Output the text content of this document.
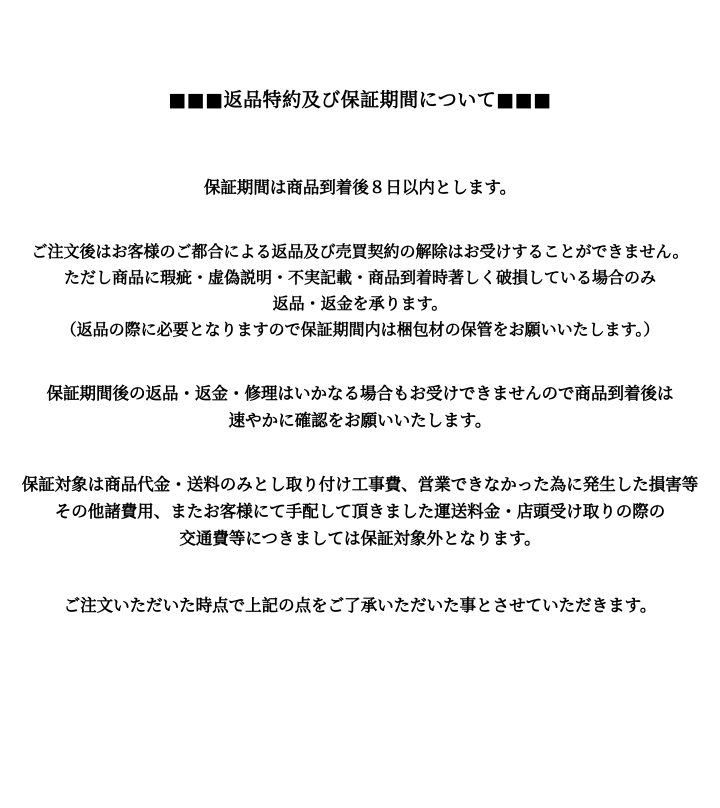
■■■返品特約及び保証期間について■■■
保証期間は商品到着後８日以内とします。
ご注文後はお客様のご都合による返品及び売買契約の解除はお受けすることができません。
ただし商品に瑕疵・虚偽説明・不実記載・商品到着時著しく破損している場合のみ
返品・返金を承ります。
（返品の際に必要となりますので保証期間内は梱包材の保管をお願いいたします。）
保証期間後の返品・返金・修理はいかなる場合もお受けできませんので商品到着後は
速やかに確認をお願いいたします。
保証対象は商品代金・送料のみとし取り付け工事費、営業できなかった為に発生した損害等
その他諸費用、またお客様にて手配して頂きました運送料金・店頭受け取りの際の
交通費等につきましては保証対象外となります。
ご注文いただいた時点で上記の点をご了承いただいた事とさせていただきます。
